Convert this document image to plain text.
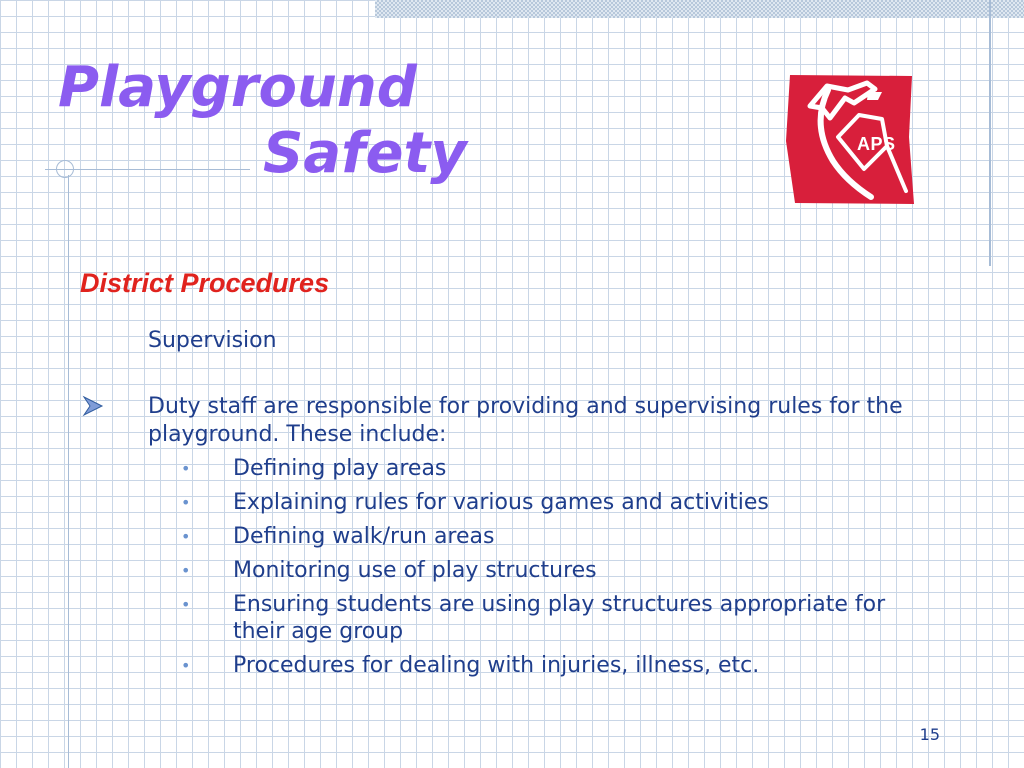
Playground
Safety	APS
District Procedures
Supervision

Duty staff are responsible for providing and supervising rules for the playground. These include:

• Defining play areas
• Explaining rules for various games and activities
• Defining walk/run areas
• Monitoring use of play structures
• Ensuring students are using play structures appropriate for their age group
• Procedures for dealing with injuries, illness, etc.
15
